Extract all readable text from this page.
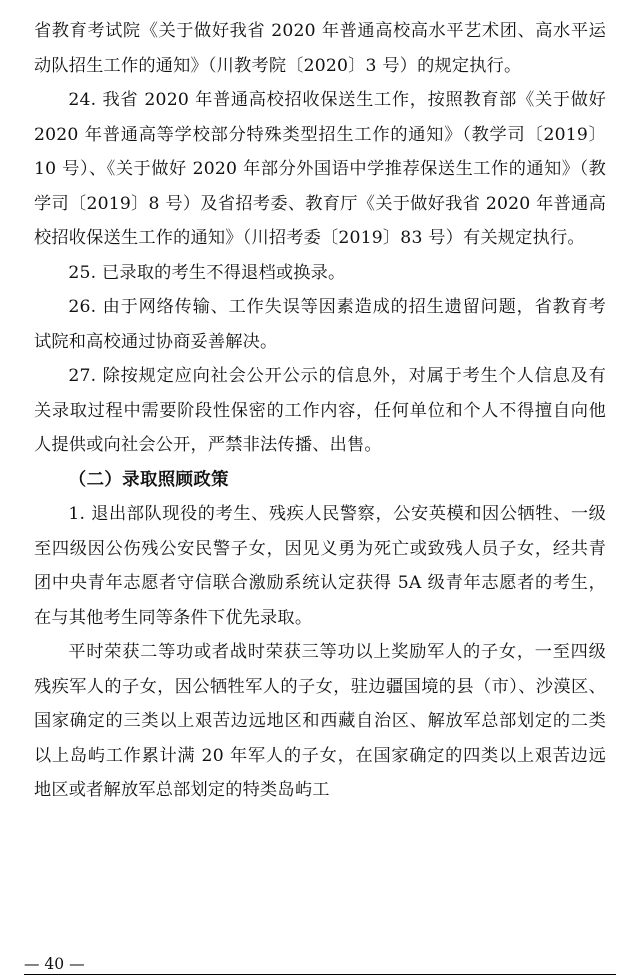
省教育考试院《关于做好我省 2020 年普通高校高水平艺术团、高水平运动队招生工作的通知》（川教考院〔2020〕3 号）的规定执行。

24. 我省 2020 年普通高校招收保送生工作，按照教育部《关于做好 2020 年普通高等学校部分特殊类型招生工作的通知》（教学司〔2019〕10 号）、《关于做好 2020 年部分外国语中学推荐保送生工作的通知》（教学司〔2019〕8 号）及省招考委、教育厅《关于做好我省 2020 年普通高校招收保送生工作的通知》（川招考委〔2019〕83 号）有关规定执行。

25. 已录取的考生不得退档或换录。

26. 由于网络传输、工作失误等因素造成的招生遗留问题，省教育考试院和高校通过协商妥善解决。

27. 除按规定应向社会公开公示的信息外，对属于考生个人信息及有关录取过程中需要阶段性保密的工作内容，任何单位和个人不得擅自向他人提供或向社会公开，严禁非法传播、出售。

（二）录取照顾政策

1. 退出部队现役的考生、残疾人民警察，公安英模和因公牺牲、一级至四级因公伤残公安民警子女，因见义勇为死亡或致残人员子女，经共青团中央青年志愿者守信联合激励系统认定获得 5A 级青年志愿者的考生，在与其他考生同等条件下优先录取。

平时荣获二等功或者战时荣获三等功以上奖励军人的子女，一至四级残疾军人的子女，因公牺牲军人的子女，驻边疆国境的县（市）、沙漠区、国家确定的三类以上艰苦边远地区和西藏自治区、解放军总部划定的二类以上岛屿工作累计满 20 年军人的子女，在国家确定的四类以上艰苦边远地区或者解放军总部划定的特类岛屿工

— 40 —
